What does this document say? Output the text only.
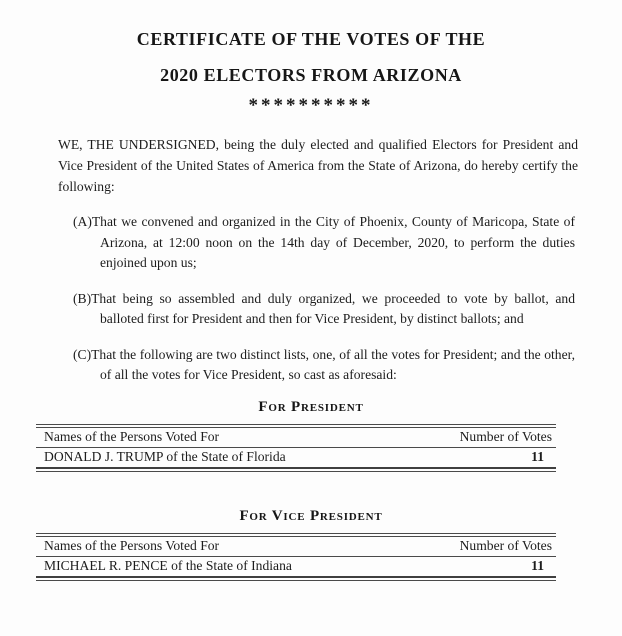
CERTIFICATE OF THE VOTES OF THE
2020 ELECTORS FROM ARIZONA
**********

WE, THE UNDERSIGNED, being the duly elected and qualified Electors for President and Vice President of the United States of America from the State of Arizona, do hereby certify the following:

(A)That we convened and organized in the City of Phoenix, County of Maricopa, State of Arizona, at 12:00 noon on the 14th day of December, 2020, to perform the duties enjoined upon us;
(B)That being so assembled and duly organized, we proceeded to vote by ballot, and balloted first for President and then for Vice President, by distinct ballots; and
(C)That the following are two distinct lists, one, of all the votes for President; and the other, of all the votes for Vice President, so cast as aforesaid:
For President
Names of the Persons Voted For	Number of Votes
DONALD J. TRUMP of the State of Florida	11
For Vice President
Names of the Persons Voted For	Number of Votes
MICHAEL R. PENCE of the State of Indiana	11
